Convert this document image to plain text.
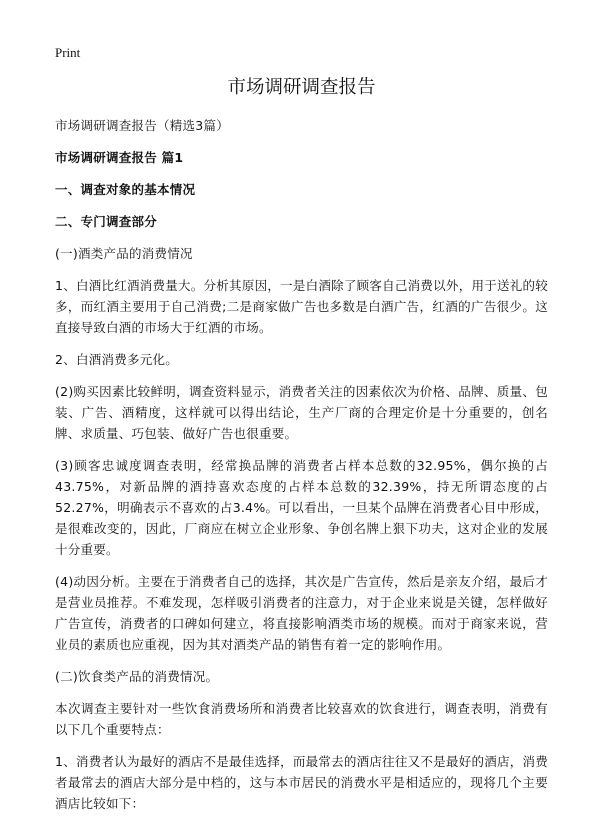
Print
市场调研调查报告

市场调研调查报告（精选3篇）

市场调研调查报告 篇1

一、调查对象的基本情况

二、专门调查部分

(一)酒类产品的消费情况

1、白酒比红酒消费量大。分析其原因，一是白酒除了顾客自己消费以外，用于送礼的较多，而红酒主要用于自己消费;二是商家做广告也多数是白酒广告，红酒的广告很少。这直接导致白酒的市场大于红酒的市场。

2、白酒消费多元化。

(2)购买因素比较鲜明，调查资料显示，消费者关注的因素依次为价格、品牌、质量、包装、广告、酒精度，这样就可以得出结论，生产厂商的合理定价是十分重要的，创名牌、求质量、巧包装、做好广告也很重要。

(3)顾客忠诚度调查表明，经常换品牌的消费者占样本总数的32.95%，偶尔换的占43.75%，对新品牌的酒持喜欢态度的占样本总数的32.39%，持无所谓态度的占52.27%，明确表示不喜欢的占3.4%。可以看出，一旦某个品牌在消费者心目中形成，是很难改变的，因此，厂商应在树立企业形象、争创名牌上狠下功夫，这对企业的发展十分重要。

(4)动因分析。主要在于消费者自己的选择，其次是广告宣传，然后是亲友介绍，最后才是营业员推荐。不难发现，怎样吸引消费者的注意力，对于企业来说是关键，怎样做好广告宣传，消费者的口碑如何建立，将直接影响酒类市场的规模。而对于商家来说，营业员的素质也应重视，因为其对酒类产品的销售有着一定的影响作用。

(二)饮食类产品的消费情况。

本次调查主要针对一些饮食消费场所和消费者比较喜欢的饮食进行，调查表明，消费有以下几个重要特点：

1、消费者认为最好的酒店不是最佳选择，而最常去的酒店往往又不是最好的酒店，消费者最常去的酒店大部分是中档的，这与本市居民的消费水平是相适应的，现将几个主要酒店比较如下：
